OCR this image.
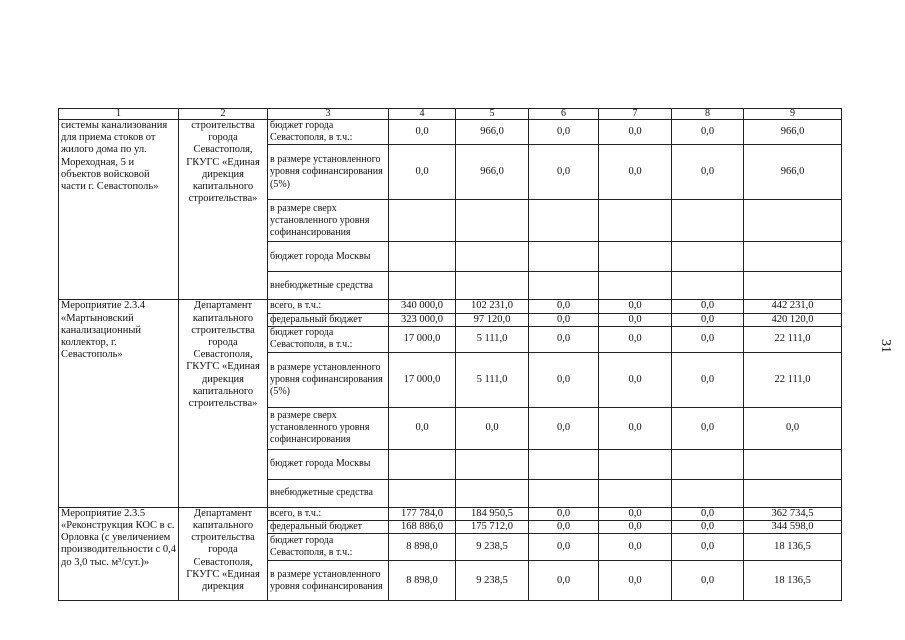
31
1	2	3	4	5	6	7	8	9
системы канализования для приема стоков от жилого дома по ул. Мореходная, 5 и объектов войсковой части г. Севастополь»	строительства города Севастополя, ГКУГС «Единая дирекция капитального строительства»	бюджет города Севастополя, в т.ч.:	0,0	966,0	0,0	0,0	0,0	966,0
		в размере установленного уровня софинансирования (5%)	0,0	966,0	0,0	0,0	0,0	966,0
		в размере сверх установленного уровня софинансирования						
		бюджет города Москвы						
		внебюджетные средства						
Мероприятие 2.3.4 «Мартыновский канализационный коллектор, г. Севастополь»	Департамент капитального строительства города Севастополя, ГКУГС «Единая дирекция капитального строительства»	всего, в т.ч.:	340 000,0	102 231,0	0,0	0,0	0,0	442 231,0
		федеральный бюджет	323 000,0	97 120,0	0,0	0,0	0,0	420 120,0
		бюджет города Севастополя, в т.ч.:	17 000,0	5 111,0	0,0	0,0	0,0	22 111,0
		в размере установленного уровня софинансирования (5%)	17 000,0	5 111,0	0,0	0,0	0,0	22 111,0
		в размере сверх установленного уровня софинансирования	0,0	0,0	0,0	0,0	0,0	0,0
		бюджет города Москвы						
		внебюджетные средства						
Мероприятие 2.3.5 «Реконструкция КОС в с. Орловка (с увеличением производительности с 0,4 до 3,0 тыс. м³/сут.)»	Департамент капитального строительства города Севастополя, ГКУГС «Единая дирекция	всего, в т.ч.:	177 784,0	184 950,5	0,0	0,0	0,0	362 734,5
		федеральный бюджет	168 886,0	175 712,0	0,0	0,0	0,0	344 598,0
		бюджет города Севастополя, в т.ч.:	8 898,0	9 238,5	0,0	0,0	0,0	18 136,5
		в размере установленного уровня софинансирования	8 898,0	9 238,5	0,0	0,0	0,0	18 136,5
